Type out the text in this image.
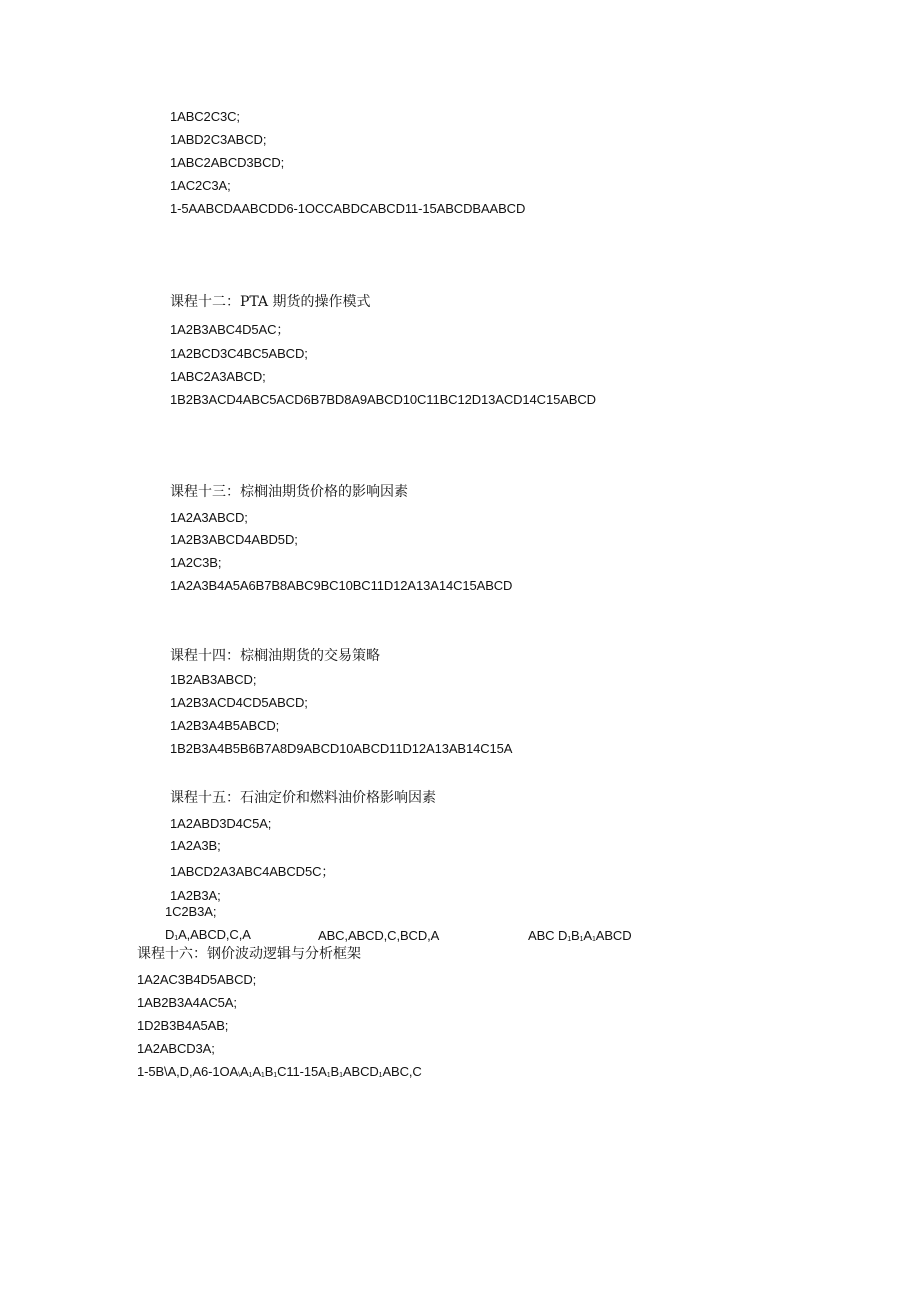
1ABC2C3C;
1ABD2C3ABCD;
1ABC2ABCD3BCD;
1AC2C3A;
1-5AABCDAABCDD6-1OCCABDCABCD11-15ABCDBAABCD
课程十二：PTA 期货的操作模式
1A2B3ABC4D5AC；
1A2BCD3C4BC5ABCD;
1ABC2A3ABCD;
1B2B3ACD4ABC5ACD6B7BD8A9ABCD10C11BC12D13ACD14C15ABCD
课程十三：棕榈油期货价格的影响因素
1A2A3ABCD;
1A2B3ABCD4ABD5D;
1A2C3B;
1A2A3B4A5A6B7B8ABC9BC10BC11D12A13A14C15ABCD
课程十四：棕榈油期货的交易策略
1B2AB3ABCD;
1A2B3ACD4CD5ABCD;
1A2B3A4B5ABCD;
1B2B3A4B5B6B7A8D9ABCD10ABCD11D12A13AB14C15A
课程十五：石油定价和燃料油价格影响因素
1A2ABD3D4C5A;
1A2A3B;
1ABCD2A3ABC4ABCD5C；
1A2B3A;
1C2B3A;
$D_1A,ABCD,C,A$	ABC,ABCD,C,BCD,A	ABC $D_1B_1A_1ABCD$
课程十六：钢价波动逻辑与分析框架
1A2AC3B4D5ABCD;
1AB2B3A4AC5A;
1D2B3B4A5AB;
1A2ABCD3A;
$1-5B\backslash A,D,A6-1OA_\backslash A_1A_1B_1C11-15A_1B_1ABCD_1ABC,C$
